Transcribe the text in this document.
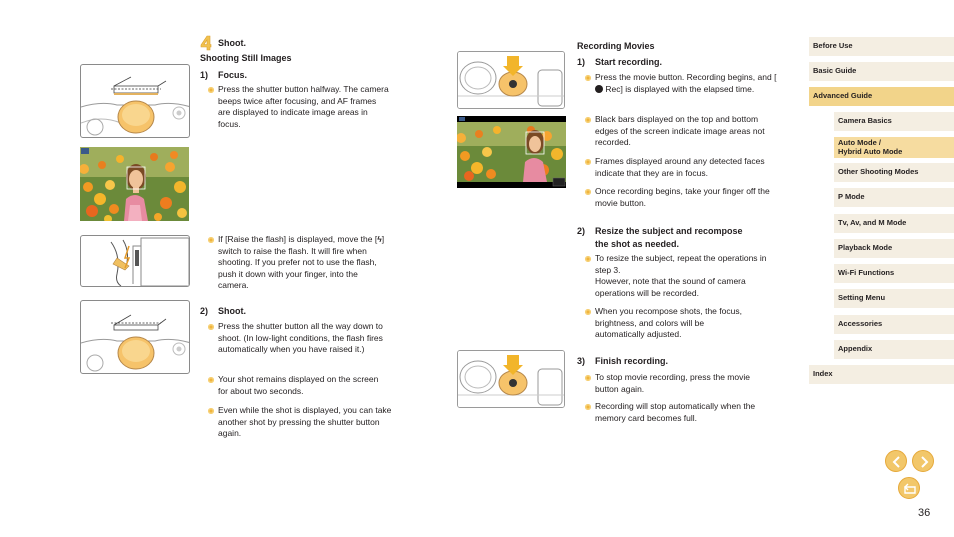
Shoot.
Shooting Still Images
1) Focus.
Press the shutter button halfway. The camera beeps twice after focusing, and AF frames are displayed to indicate image areas in focus.
If [Raise the flash] is displayed, move the [ϟ] switch to raise the flash. It will fire when shooting. If you prefer not to use the flash, push it down with your finger, into the camera.
2) Shoot.
Press the shutter button all the way down to shoot. (In low-light conditions, the flash fires automatically when you have raised it.)
Your shot remains displayed on the screen for about two seconds.
Even while the shot is displayed, you can take another shot by pressing the shutter button again.
Recording Movies
1) Start recording.
Press the movie button. Recording begins, and [ Rec] is displayed with the elapsed time.
Black bars displayed on the top and bottom edges of the screen indicate image areas not recorded.
Frames displayed around any detected faces indicate that they are in focus.
Once recording begins, take your finger off the movie button.
2) Resize the subject and recompose
the shot as needed.
To resize the subject, repeat the operations in step 3.
However, note that the sound of camera operations will be recorded.
When you recompose shots, the focus, brightness, and colors will be automatically adjusted.
3) Finish recording.
To stop movie recording, press the movie button again.
Recording will stop automatically when the memory card becomes full.
Before Use
Basic Guide
Advanced Guide
Camera Basics
Auto Mode /
Hybrid Auto Mode
Other Shooting Modes
P Mode
Tv, Av, and M Mode
Playback Mode
Wi-Fi Functions
Setting Menu
Accessories
Appendix
Index
36
